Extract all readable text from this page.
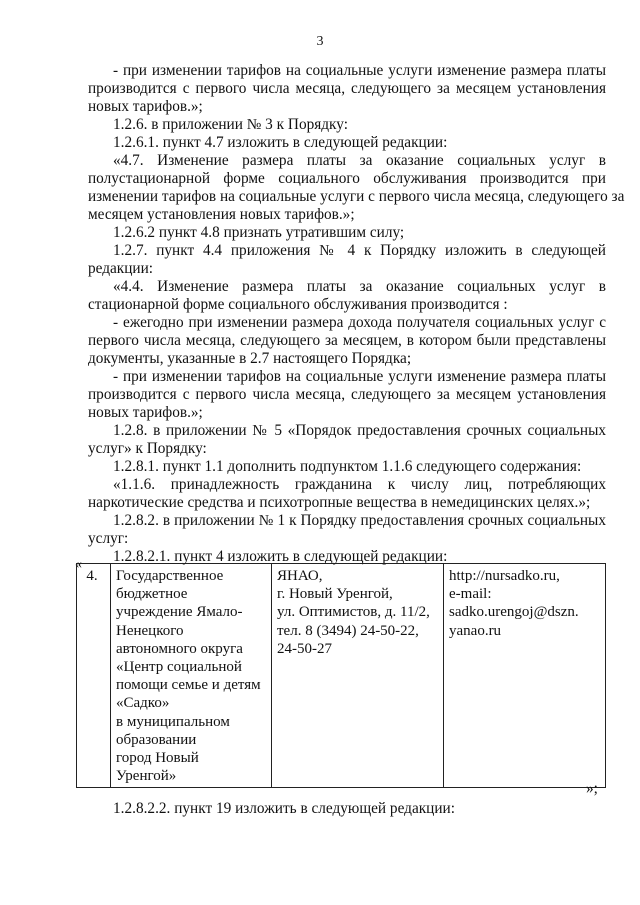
3
- при изменении тарифов на социальные услуги изменение размера платы
производится с первого числа месяца, следующего за месяцем установления
новых тарифов.»;
1.2.6. в приложении № 3 к Порядку:
1.2.6.1. пункт 4.7 изложить в следующей редакции:
«4.7. Изменение размера платы за оказание социальных услуг в
полустационарной форме социального обслуживания производится при
изменении тарифов на социальные услуги с первого числа месяца, следующего за
месяцем установления новых тарифов.»;
1.2.6.2 пункт 4.8 признать утратившим силу;
1.2.7. пункт 4.4 приложения № 4 к Порядку изложить в следующей
редакции:
«4.4. Изменение размера платы за оказание социальных услуг в
стационарной форме социального обслуживания производится :
- ежегодно при изменении размера дохода получателя социальных услуг с
первого числа месяца, следующего за месяцем, в котором были представлены
документы, указанные в 2.7 настоящего Порядка;
- при изменении тарифов на социальные услуги изменение размера платы
производится с первого числа месяца, следующего за месяцем установления
новых тарифов.»;
1.2.8. в приложении № 5 «Порядок предоставления срочных социальных
услуг» к Порядку:
1.2.8.1. пункт 1.1 дополнить подпунктом 1.1.6 следующего содержания:
«1.1.6. принадлежность гражданина к числу лиц, потребляющих
наркотические средства и психотропные вещества в немедицинских целях.»;
1.2.8.2. в приложении № 1 к Порядку предоставления срочных социальных
услуг:
1.2.8.2.1. пункт 4 изложить в следующей редакции:
«
4.	Государственное
бюджетное
учреждение Ямало-
Ненецкого
автономного округа
«Центр социальной
помощи семье и детям
«Садко»
в муниципальном
образовании
город Новый
Уренгой»	ЯНАО,
г. Новый Уренгой,
ул. Оптимистов, д. 11/2,
тел. 8 (3494) 24-50-22,
24-50-27	http://nursadko.ru,
e-mail:
sadko.urengoj@dszn.
yanao.ru
»;
1.2.8.2.2. пункт 19 изложить в следующей редакции:
